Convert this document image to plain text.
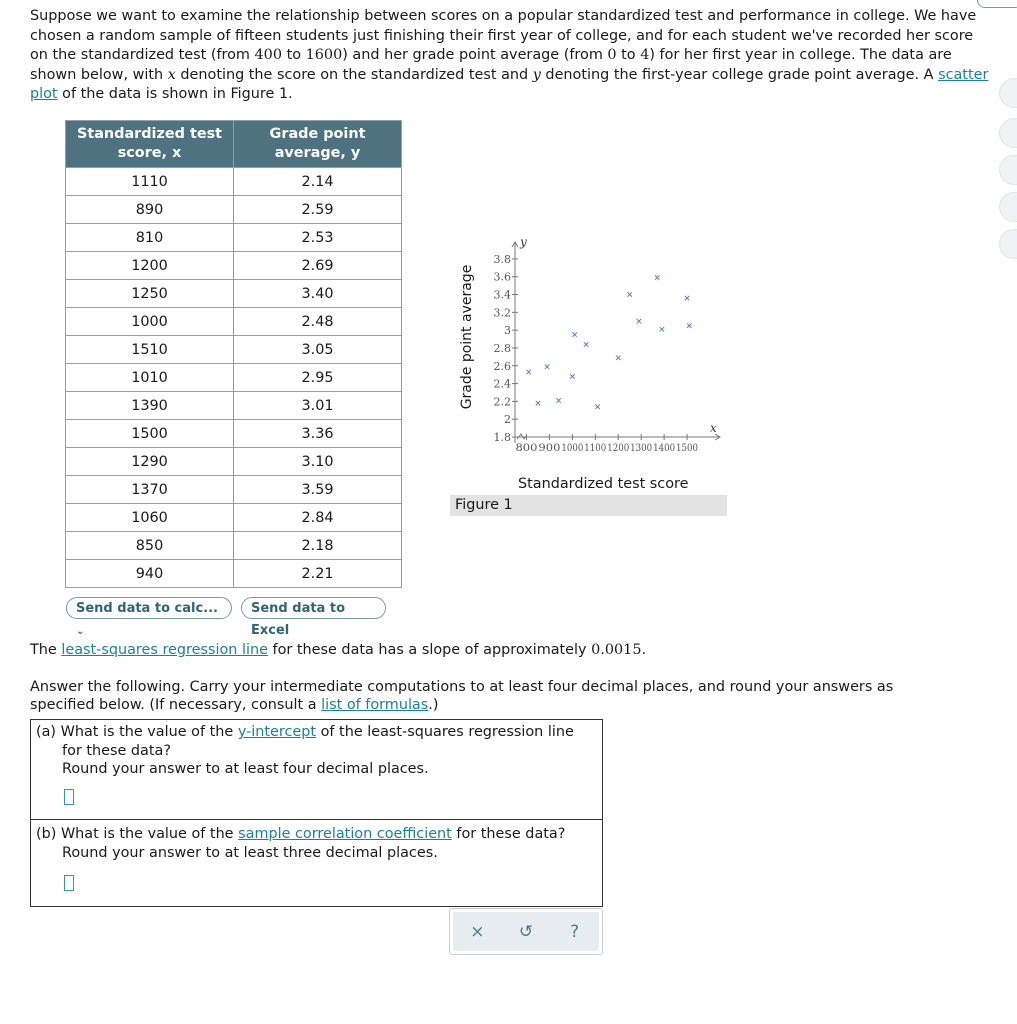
Suppose we want to examine the relationship between scores on a popular standardized test and performance in college. We have chosen a random sample of fifteen students just finishing their first year of college, and for each student we've recorded her score on the standardized test (from 400 to 1600) and her grade point average (from 0 to 4) for her first year in college. The data are shown below, with x denoting the score on the standardized test and y denoting the first-year college grade point average. A scatter plot of the data is shown in Figure 1.
Standardized test score, x	Grade point average, y
1110	2.14
890	2.59
810	2.53
1200	2.69
1250	3.40
1000	2.48
1510	3.05
1010	2.95
1390	3.01
1500	3.36
1290	3.10
1370	3.59
1060	2.84
850	2.18
940	2.21
Send data to calc... ⌄
Send data to Excel
x
y
1.8
2
2.2
2.4
2.6
2.8
3
3.2
3.4
3.6
3.8
800 900 1000 1100 1200 1300 1400 1500
Grade point average
Standardized test score
Figure 1
The least-squares regression line for these data has a slope of approximately 0.0015.
Answer the following. Carry your intermediate computations to at least four decimal places, and round your answers as specified below. (If necessary, consult a list of formulas.)
(a) What is the value of the y-intercept of the least-squares regression line
for these data?
Round your answer to at least four decimal places.
(b) What is the value of the sample correlation coefficient for these data?
Round your answer to at least three decimal places.
×	↺	?
